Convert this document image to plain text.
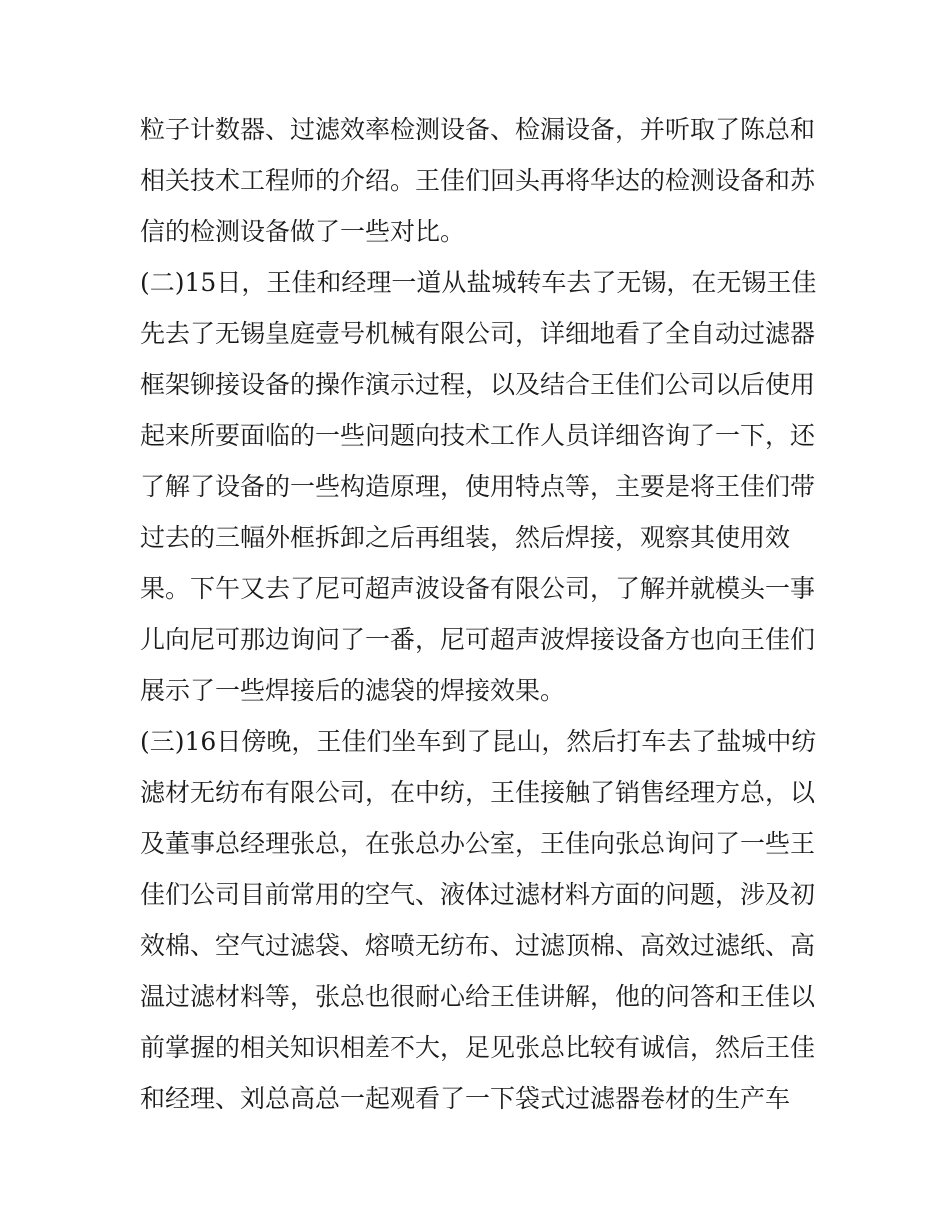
粒子计数器、过滤效率检测设备、检漏设备，并听取了陈总和
相关技术工程师的介绍。王佳们回头再将华达的检测设备和苏
信的检测设备做了一些对比。
(二)15日，王佳和经理一道从盐城转车去了无锡，在无锡王佳
先去了无锡皇庭壹号机械有限公司，详细地看了全自动过滤器
框架铆接设备的操作演示过程，以及结合王佳们公司以后使用
起来所要面临的一些问题向技术工作人员详细咨询了一下，还
了解了设备的一些构造原理，使用特点等，主要是将王佳们带
过去的三幅外框拆卸之后再组装，然后焊接，观察其使用效
果。下午又去了尼可超声波设备有限公司，了解并就模头一事
儿向尼可那边询问了一番，尼可超声波焊接设备方也向王佳们
展示了一些焊接后的滤袋的焊接效果。
(三)16日傍晚，王佳们坐车到了昆山，然后打车去了盐城中纺
滤材无纺布有限公司，在中纺，王佳接触了销售经理方总，以
及董事总经理张总，在张总办公室，王佳向张总询问了一些王
佳们公司目前常用的空气、液体过滤材料方面的问题，涉及初
效棉、空气过滤袋、熔喷无纺布、过滤顶棉、高效过滤纸、高
温过滤材料等，张总也很耐心给王佳讲解，他的问答和王佳以
前掌握的相关知识相差不大，足见张总比较有诚信，然后王佳
和经理、刘总高总一起观看了一下袋式过滤器卷材的生产车
